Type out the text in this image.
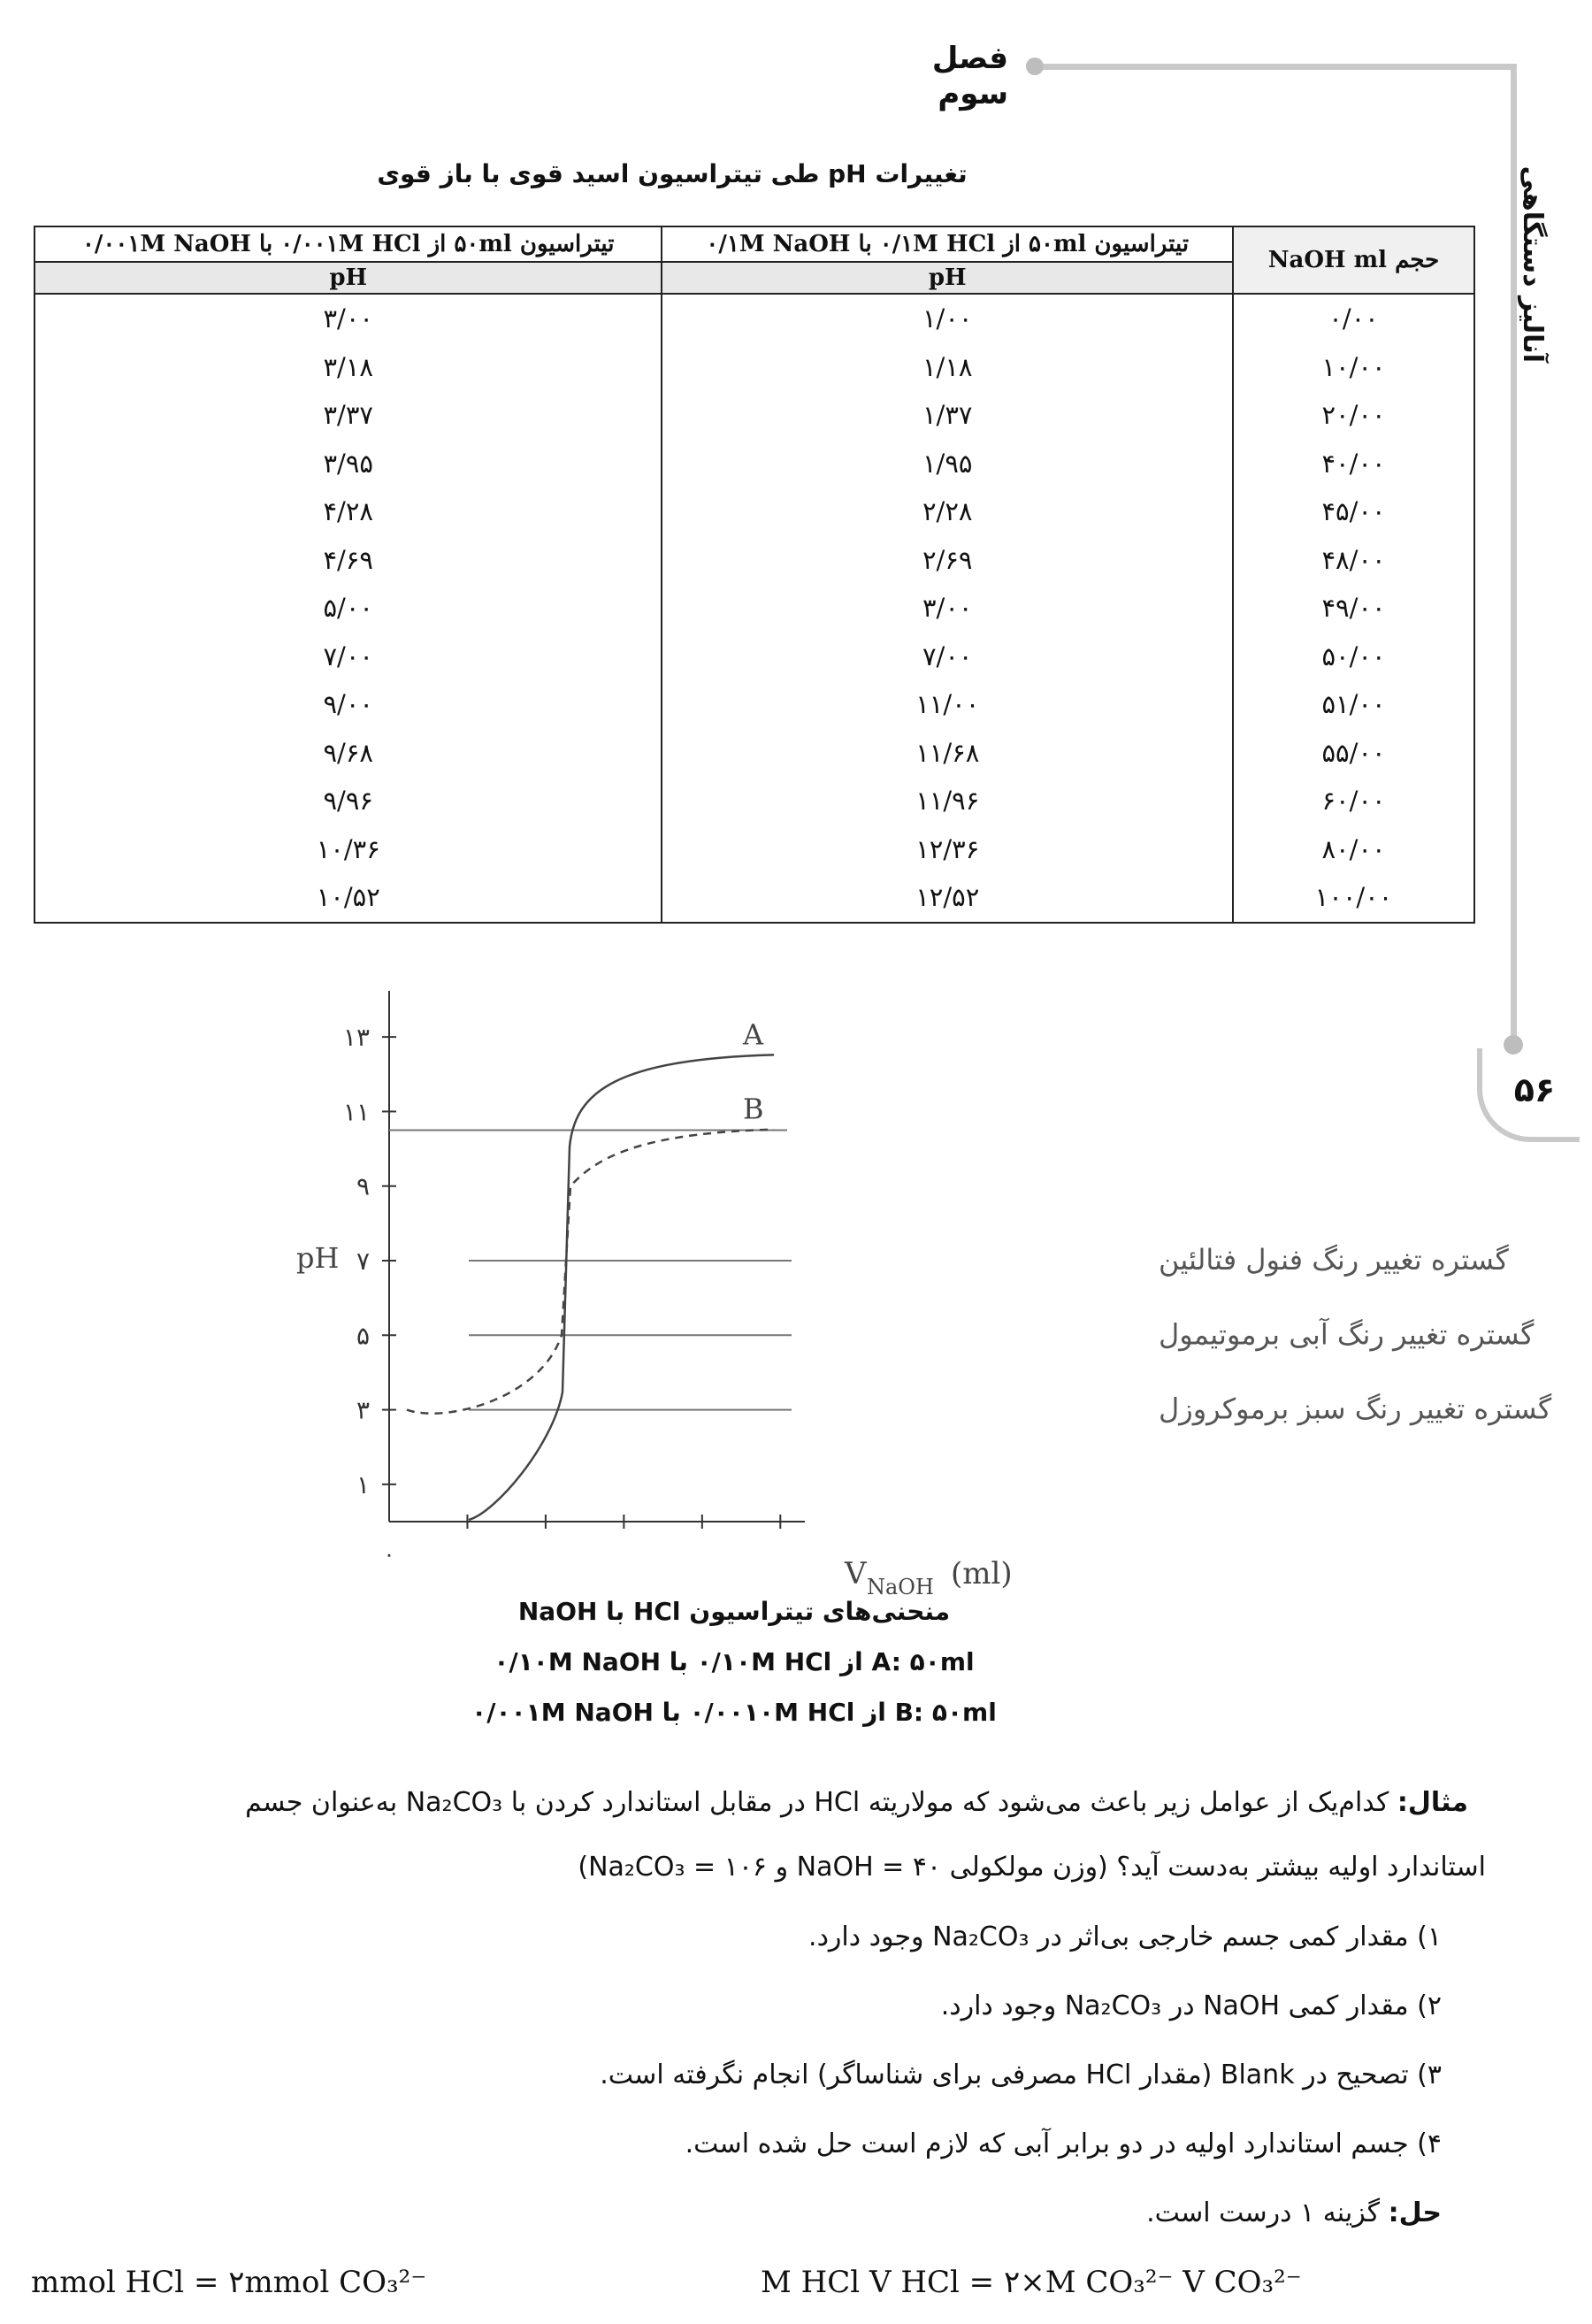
فصل سوم
آنالیز دستگاهی
۵۶
تغییرات pH طی تیتراسیون اسید قوی با باز قوی
حجم NaOH ml	تیتراسیون ۵۰ml از ۰/۱M HCl با ۰/۱M NaOH	تیتراسیون ۵۰ml از ۰/۰۰۱M HCl با ۰/۰۰۱M NaOH
	pH	pH
۰/۰۰	۱/۰۰	۳/۰۰
۱۰/۰۰	۱/۱۸	۳/۱۸
۲۰/۰۰	۱/۳۷	۳/۳۷
۴۰/۰۰	۱/۹۵	۳/۹۵
۴۵/۰۰	۲/۲۸	۴/۲۸
۴۸/۰۰	۲/۶۹	۴/۶۹
۴۹/۰۰	۳/۰۰	۵/۰۰
۵۰/۰۰	۷/۰۰	۷/۰۰
۵۱/۰۰	۱۱/۰۰	۹/۰۰
۵۵/۰۰	۱۱/۶۸	۹/۶۸
۶۰/۰۰	۱۱/۹۶	۹/۹۶
۸۰/۰۰	۱۲/۳۶	۱۰/۳۶
۱۰۰/۰۰	۱۲/۵۲	۱۰/۵۲
۱
۳
۵
۷
۹
۱۱
۱۳
pH
۰
V NaOH (ml)
گستره تغییر رنگ فنول فتالئین
گستره تغییر رنگ آبی برموتیمول
گستره تغییر رنگ سبز برموکروزل
A
B
منحنی‌های تیتراسیون HCl با NaOH
A: ۵۰ml از ۰/۱۰M HCl با ۰/۱۰M NaOH
B: ۵۰ml از ۰/۰۰۱۰M HCl با ۰/۰۰۱M NaOH
مثال: کدام‌یک از عوامل زیر باعث می‌شود که مولاریته HCl در مقابل استاندارد کردن با Na₂CO₃ به‌عنوان جسم
استاندارد اولیه بیشتر به‌دست آید؟ (وزن مولکولی NaOH = ۴۰ و Na₂CO₃ = ۱۰۶)
۱) مقدار کمی جسم خارجی بی‌اثر در Na₂CO₃ وجود دارد.
۲) مقدار کمی NaOH در Na₂CO₃ وجود دارد.
۳) تصحیح در Blank (مقدار HCl مصرفی برای شناساگر) انجام نگرفته است.
۴) جسم استاندارد اولیه در دو برابر آبی که لازم است حل شده است.
حل: گزینه ۱ درست است.
mmol HCl = ۲mmol CO₃²⁻	M HCl V HCl = ۲×M CO₃²⁻ V CO₃²⁻
